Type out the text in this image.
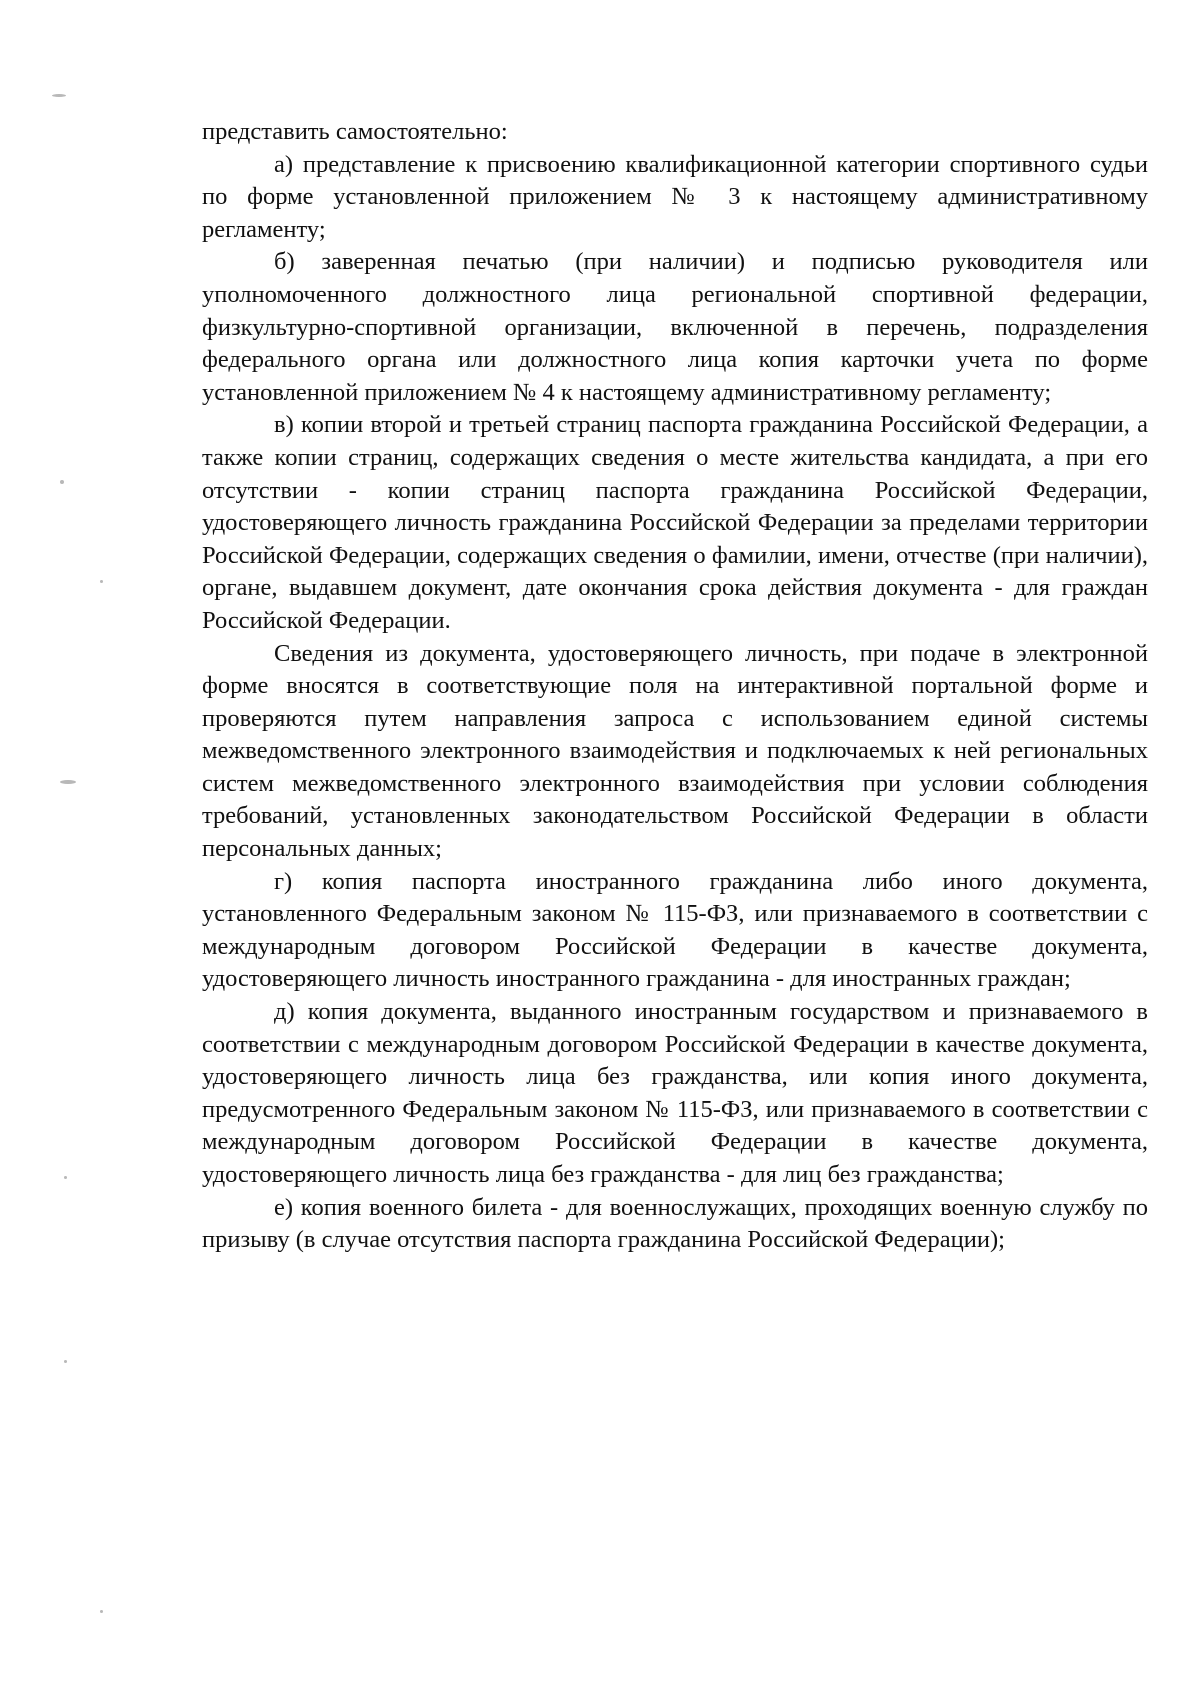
представить самостоятельно:

а) представление к присвоению квалификационной категории спортивного судьи по форме установленной приложением № 3 к настоящему административному регламенту;

б) заверенная печатью (при наличии) и подписью руководителя или уполномоченного должностного лица региональной спортивной федерации, физкультурно-спортивной организации, включенной в перечень, подразделения федерального органа или должностного лица копия карточки учета по форме установленной приложением № 4 к настоящему административному регламенту;

в) копии второй и третьей страниц паспорта гражданина Российской Федерации, а также копии страниц, содержащих сведения о месте жительства кандидата, а при его отсутствии - копии страниц паспорта гражданина Российской Федерации, удостоверяющего личность гражданина Российской Федерации за пределами территории Российской Федерации, содержащих сведения о фамилии, имени, отчестве (при наличии), органе, выдавшем документ, дате окончания срока действия документа - для граждан Российской Федерации.

Сведения из документа, удостоверяющего личность, при подаче в электронной форме вносятся в соответствующие поля на интерактивной портальной форме и проверяются путем направления запроса с использованием единой системы межведомственного электронного взаимодействия и подключаемых к ней региональных систем межведомственного электронного взаимодействия при условии соблюдения требований, установленных законодательством Российской Федерации в области персональных данных;

г) копия паспорта иностранного гражданина либо иного документа, установленного Федеральным законом № 115-ФЗ, или признаваемого в соответствии с международным договором Российской Федерации в качестве документа, удостоверяющего личность иностранного гражданина - для иностранных граждан;

д) копия документа, выданного иностранным государством и признаваемого в соответствии с международным договором Российской Федерации в качестве документа, удостоверяющего личность лица без гражданства, или копия иного документа, предусмотренного Федеральным законом № 115-ФЗ, или признаваемого в соответствии с международным договором Российской Федерации в качестве документа, удостоверяющего личность лица без гражданства - для лиц без гражданства;

е) копия военного билета - для военнослужащих, проходящих военную службу по призыву (в случае отсутствия паспорта гражданина Российской Федерации);
